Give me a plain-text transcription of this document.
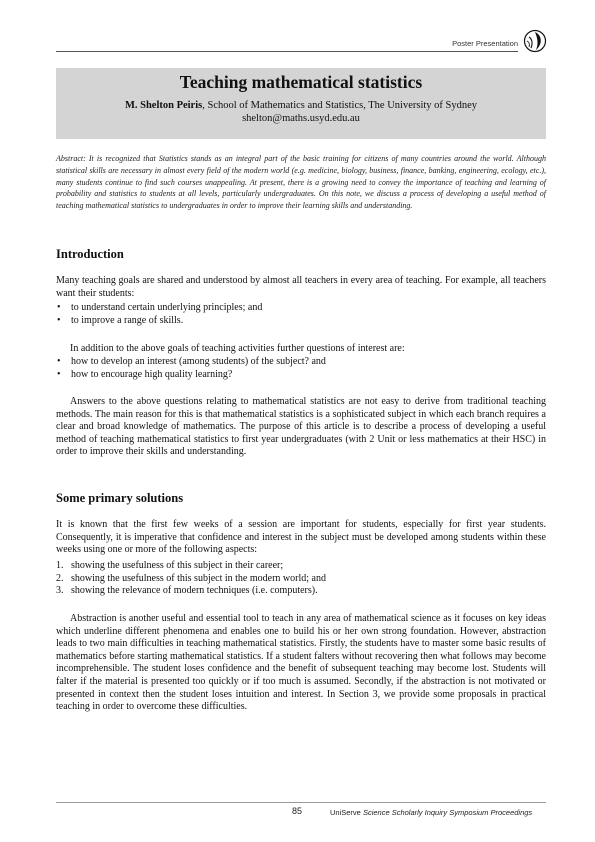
Poster Presentation
Teaching mathematical statistics
M. Shelton Peiris, School of Mathematics and Statistics, The University of Sydney
shelton@maths.usyd.edu.au
Abstract: It is recognized that Statistics stands as an integral part of the basic training for citizens of many countries around the world. Although statistical skills are necessary in almost every field of the modern world (e.g. medicine, biology, business, finance, banking, engineering, ecology, etc.), many students continue to find such courses unappealing. At present, there is a growing need to convey the importance of teaching and learning of probability and statistics to students at all levels, particularly undergraduates. On this note, we discuss a process of developing a useful method of teaching mathematical statistics to undergraduates in order to improve their learning skills and understanding.
Introduction
Many teaching goals are shared and understood by almost all teachers in every area of teaching. For example, all teachers want their students:
• to understand certain underlying principles; and
• to improve a range of skills.
In addition to the above goals of teaching activities further questions of interest are:
• how to develop an interest (among students) of the subject? and
• how to encourage high quality learning?
Answers to the above questions relating to mathematical statistics are not easy to derive from traditional teaching methods. The main reason for this is that mathematical statistics is a sophisticated subject in which each branch requires a clear and broad knowledge of mathematics. The purpose of this article is to describe a process of developing a useful method of teaching mathematical statistics to first year undergraduates (with 2 Unit or less mathematics at their HSC) in order to improve their skills and understanding.
Some primary solutions
It is known that the first few weeks of a session are important for students, especially for first year students. Consequently, it is imperative that confidence and interest in the subject must be developed among students within these weeks using one or more of the following aspects:
1. showing the usefulness of this subject in their career;
2. showing the usefulness of this subject in the modern world; and
3. showing the relevance of modern techniques (i.e. computers).
Abstraction is another useful and essential tool to teach in any area of mathematical science as it focuses on key ideas which underline different phenomena and enables one to build his or her own strong foundation. However, abstraction leads to two main difficulties in teaching mathematical statistics. Firstly, the students have to master some basic results of mathematics before starting mathematical statistics. If a student falters without recovering then what follows may become incomprehensible. The student loses confidence and the benefit of subsequent teaching may become lost. Students will falter if the material is presented too quickly or if too much is assumed. Secondly, if the abstraction is not motivated or presented in context then the student loses intuition and interest. In Section 3, we provide some proposals in practical teaching in order to overcome these difficulties.
85	UniServe Science Scholarly Inquiry Symposium Proceedings
